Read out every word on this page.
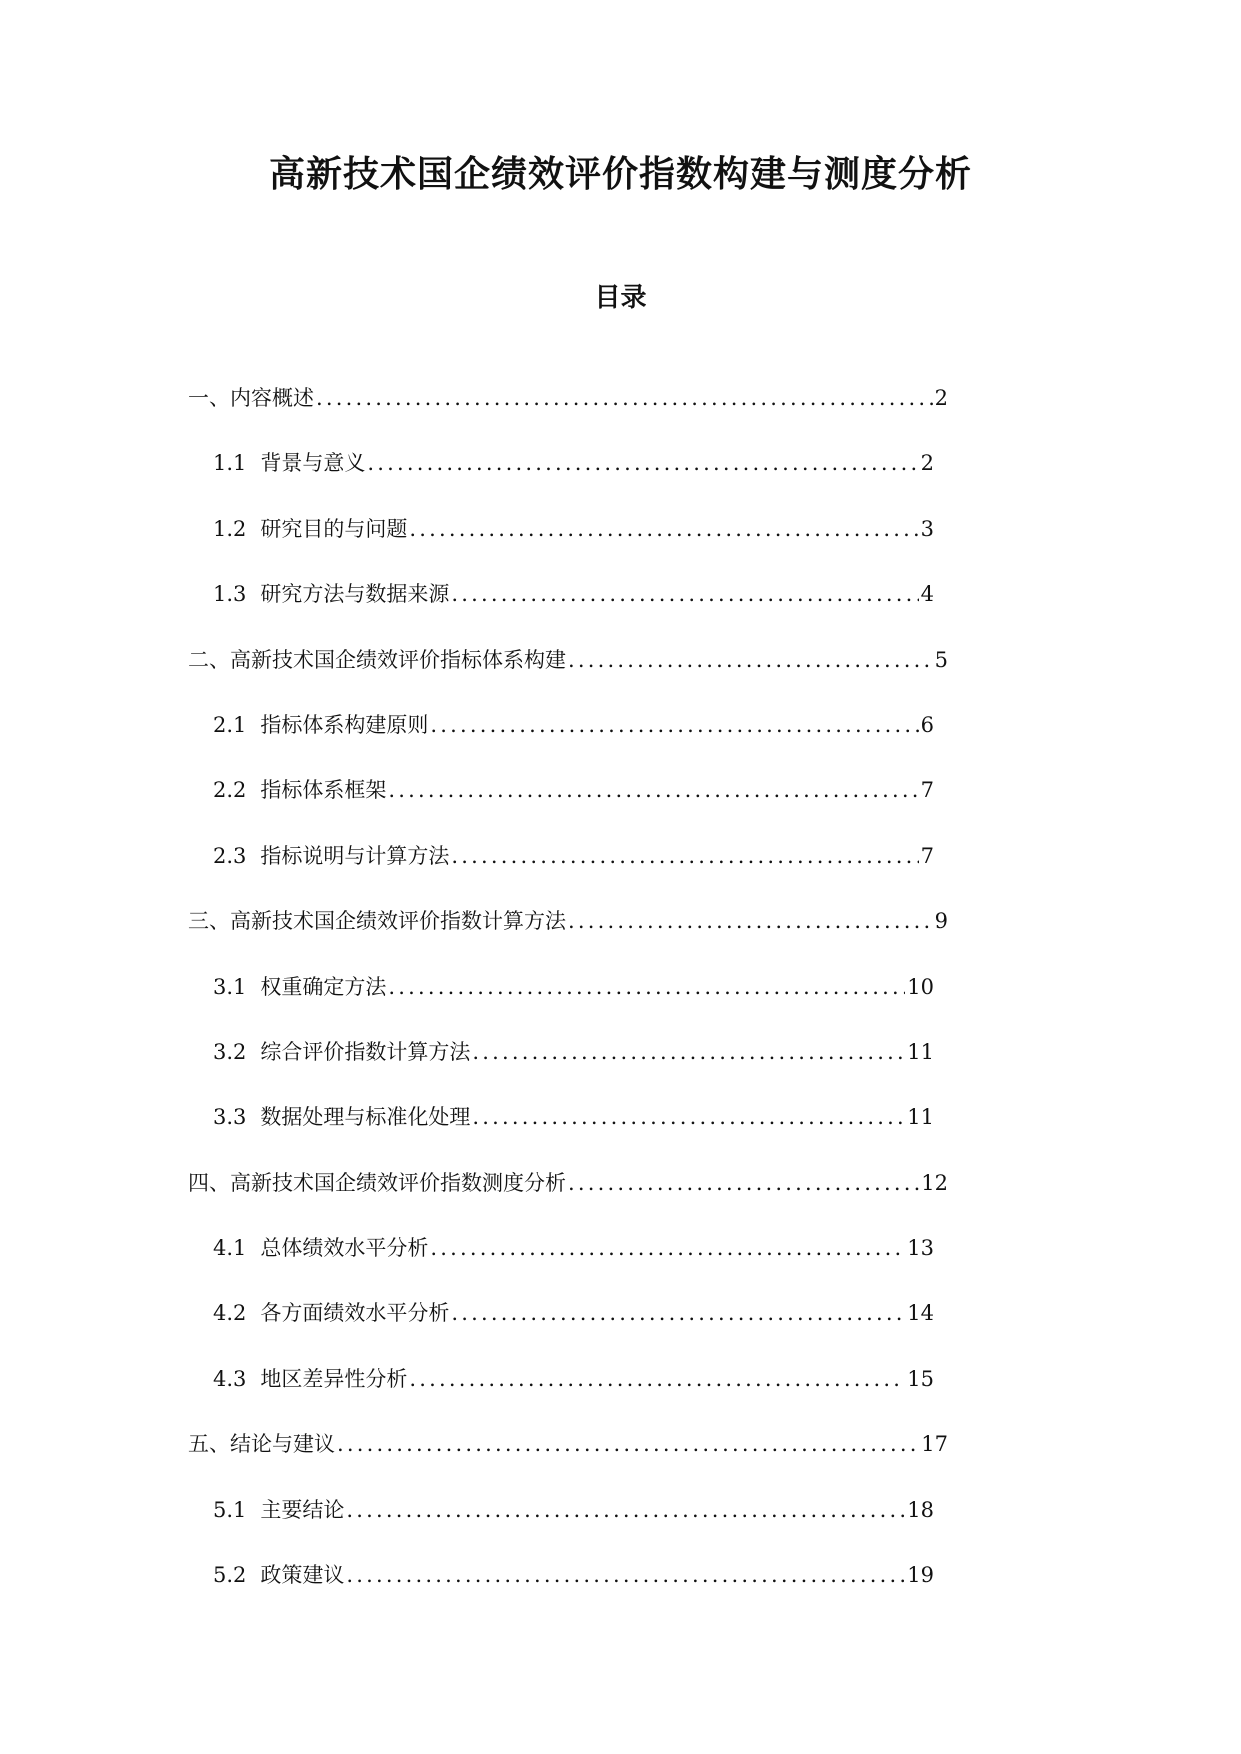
高新技术国企绩效评价指数构建与测度分析
目录
一、内容概述 .....	2
1.1 背景与意义 .....	2
1.2 研究目的与问题 .....	3
1.3 研究方法与数据来源 .....	4
二、高新技术国企绩效评价指标体系构建 .....	5
2.1 指标体系构建原则 .....	6
2.2 指标体系框架 .....	7
2.3 指标说明与计算方法 .....	7
三、高新技术国企绩效评价指数计算方法 .....	9
3.1 权重确定方法 .....	10
3.2 综合评价指数计算方法 .....	11
3.3 数据处理与标准化处理 .....	11
四、高新技术国企绩效评价指数测度分析 .....	12
4.1 总体绩效水平分析 .....	13
4.2 各方面绩效水平分析 .....	14
4.3 地区差异性分析 .....	15
五、结论与建议 .....	17
5.1 主要结论 .....	18
5.2 政策建议 .....	19
